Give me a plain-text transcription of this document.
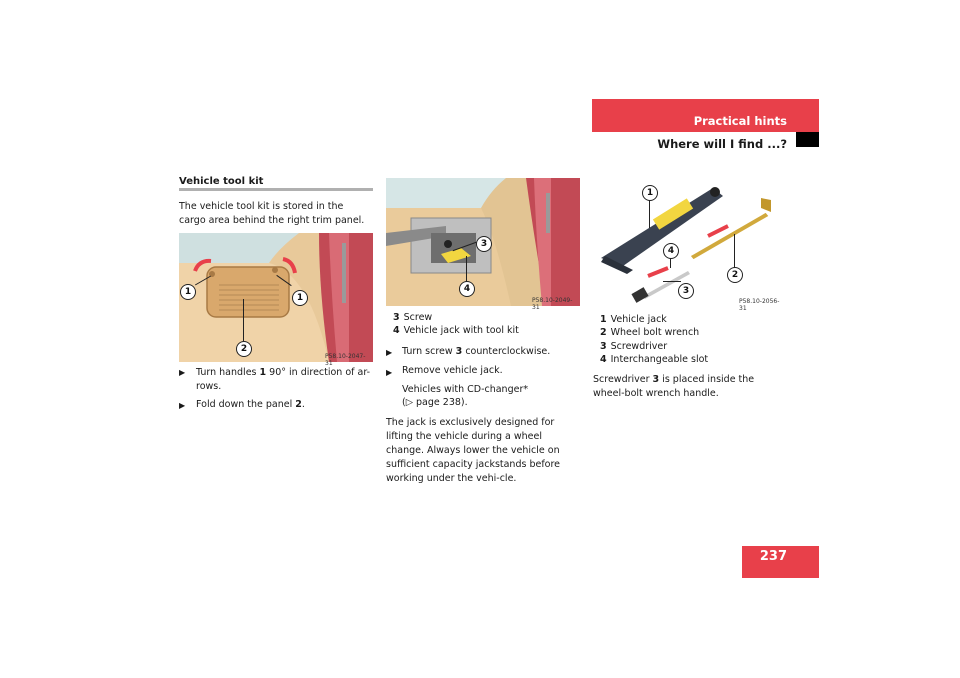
Practical hints
Where will I find ...?
Vehicle tool kit
The vehicle tool kit is stored in the cargo area behind the right trim panel.
1
1
2
P58.10-2047-31
▶ Turn handles 1 90° in direction of ar-rows.
▶ Fold down the panel 2.
3
4
P58.10-2049-31
3 Screw
4 Vehicle jack with tool kit
▶ Turn screw 3 counterclockwise.
▶ Remove vehicle jack.
Vehicles with CD-changer*
(▷ page 238).
The jack is exclusively designed for lifting the vehicle during a wheel change. Always lower the vehicle on sufficient capacity jackstands before working under the vehi-cle.
1
4
3
2
P58.10-2056-31
1 Vehicle jack
2 Wheel bolt wrench
3 Screwdriver
4 Interchangeable slot
Screwdriver 3 is placed inside the wheel-bolt wrench handle.
237
